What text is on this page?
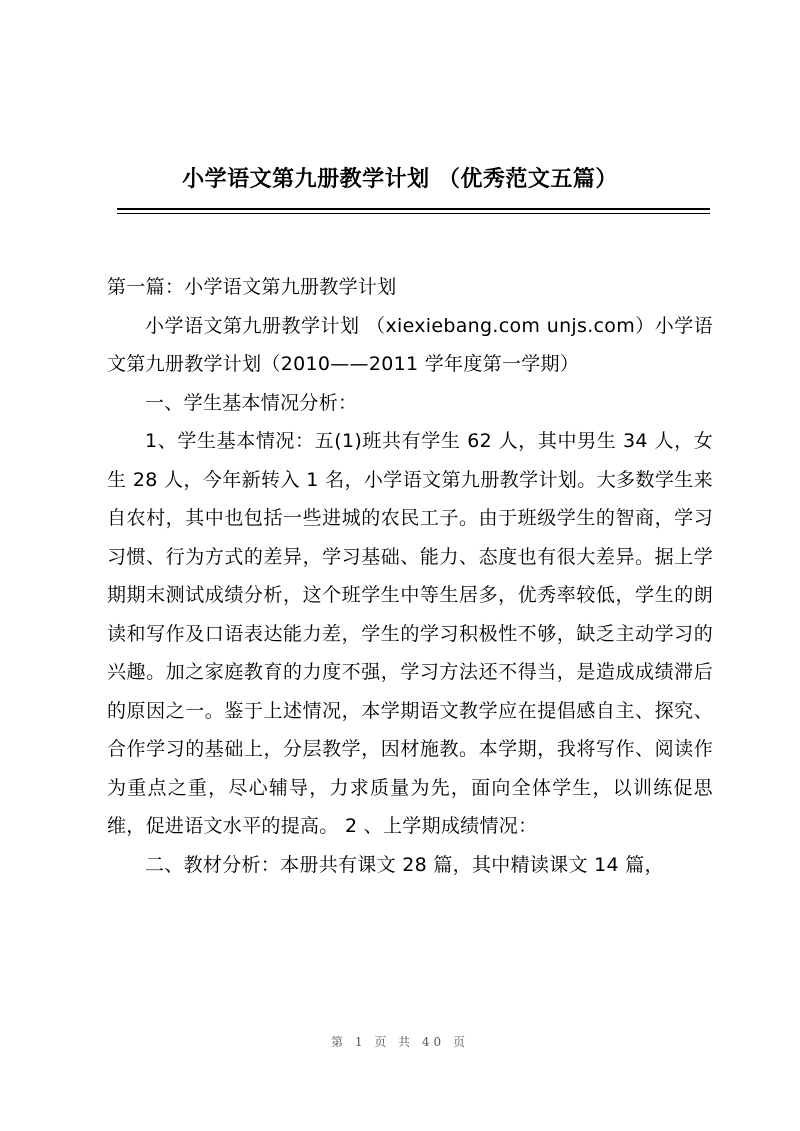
小学语文第九册教学计划 （优秀范文五篇）

第一篇：小学语文第九册教学计划

小学语文第九册教学计划 （xiexiebang.com unjs.com）小学语文第九册教学计划（2010——2011 学年度第一学期）

一、学生基本情况分析：

1、学生基本情况：五(1)班共有学生 62 人，其中男生 34 人，女生 28 人，今年新转入 1 名，小学语文第九册教学计划。大多数学生来自农村，其中也包括一些进城的农民工子。由于班级学生的智商，学习习惯、行为方式的差异，学习基础、能力、态度也有很大差异。据上学期期末测试成绩分析，这个班学生中等生居多，优秀率较低，学生的朗读和写作及口语表达能力差，学生的学习积极性不够，缺乏主动学习的兴趣。加之家庭教育的力度不强，学习方法还不得当，是造成成绩滞后的原因之一。鉴于上述情况，本学期语文教学应在提倡感自主、探究、合作学习的基础上，分层教学，因材施教。本学期，我将写作、阅读作为重点之重，尽心辅导，力求质量为先，面向全体学生，以训练促思维，促进语文水平的提高。 2 、上学期成绩情况：

二、教材分析：本册共有课文 28 篇，其中精读课文 14 篇，

第 1 页 共 40 页
